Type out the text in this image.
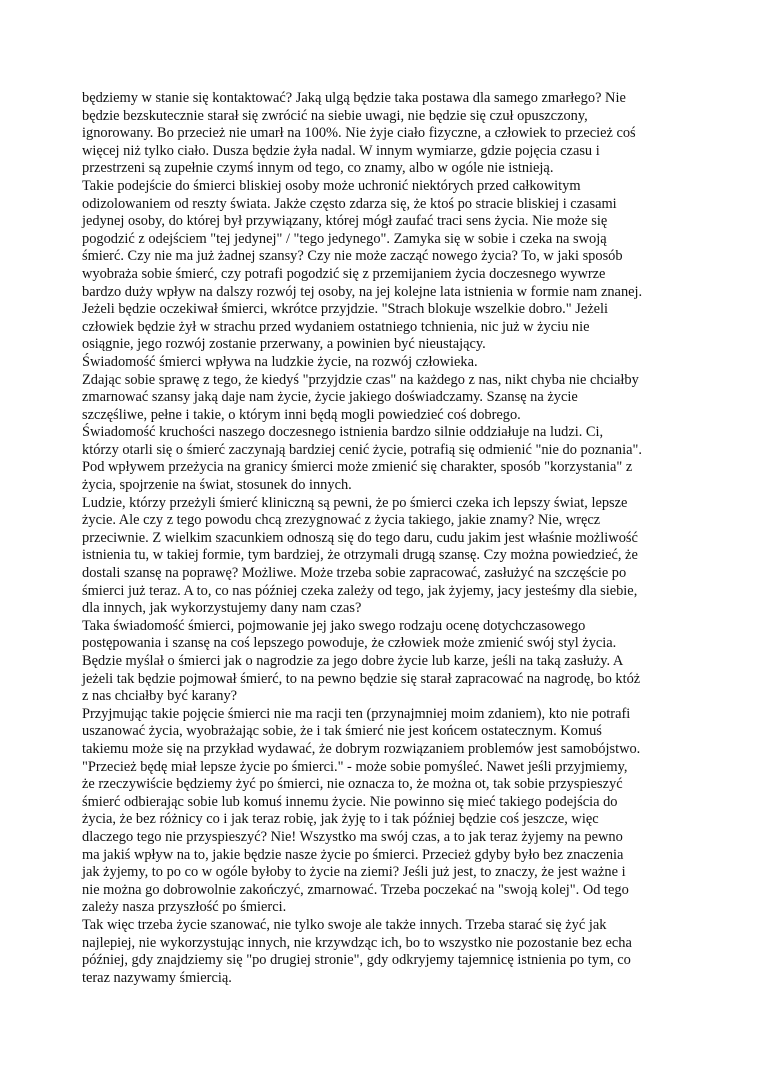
będziemy w stanie się kontaktować? Jaką ulgą będzie taka postawa dla samego zmarłego? Nie

będzie bezskutecznie starał się zwrócić na siebie uwagi, nie będzie się czuł opuszczony,

ignorowany. Bo przecież nie umarł na 100%. Nie żyje ciało fizyczne, a człowiek to przecież coś

więcej niż tylko ciało. Dusza będzie żyła nadal. W innym wymiarze, gdzie pojęcia czasu i

przestrzeni są zupełnie czymś innym od tego, co znamy, albo w ogóle nie istnieją.

Takie podejście do śmierci bliskiej osoby może uchronić niektórych przed całkowitym

odizolowaniem od reszty świata. Jakże często zdarza się, że ktoś po stracie bliskiej i czasami

jedynej osoby, do której był przywiązany, której mógł zaufać traci sens życia. Nie może się

pogodzić z odejściem "tej jedynej" / "tego jedynego". Zamyka się w sobie i czeka na swoją

śmierć. Czy nie ma już żadnej szansy? Czy nie może zacząć nowego życia? To, w jaki sposób

wyobraża sobie śmierć, czy potrafi pogodzić się z przemijaniem życia doczesnego wywrze

bardzo duży wpływ na dalszy rozwój tej osoby, na jej kolejne lata istnienia w formie nam znanej.

Jeżeli będzie oczekiwał śmierci, wkrótce przyjdzie. "Strach blokuje wszelkie dobro." Jeżeli

człowiek będzie żył w strachu przed wydaniem ostatniego tchnienia, nic już w życiu nie

osiągnie, jego rozwój zostanie przerwany, a powinien być nieustający.

Świadomość śmierci wpływa na ludzkie życie, na rozwój człowieka.

Zdając sobie sprawę z tego, że kiedyś "przyjdzie czas" na każdego z nas, nikt chyba nie chciałby

zmarnować szansy jaką daje nam życie, życie jakiego doświadczamy. Szansę na życie

szczęśliwe, pełne i takie, o którym inni będą mogli powiedzieć coś dobrego.

Świadomość kruchości naszego doczesnego istnienia bardzo silnie oddziałuje na ludzi. Ci,

którzy otarli się o śmierć zaczynają bardziej cenić życie, potrafią się odmienić "nie do poznania".

Pod wpływem przeżycia na granicy śmierci może zmienić się charakter, sposób "korzystania" z

życia, spojrzenie na świat, stosunek do innych.

Ludzie, którzy przeżyli śmierć kliniczną są pewni, że po śmierci czeka ich lepszy świat, lepsze

życie. Ale czy z tego powodu chcą zrezygnować z życia takiego, jakie znamy? Nie, wręcz

przeciwnie. Z wielkim szacunkiem odnoszą się do tego daru, cudu jakim jest właśnie możliwość

istnienia tu, w takiej formie, tym bardziej, że otrzymali drugą szansę. Czy można powiedzieć, że

dostali szansę na poprawę? Możliwe. Może trzeba sobie zapracować, zasłużyć na szczęście po

śmierci już teraz. A to, co nas później czeka zależy od tego, jak żyjemy, jacy jesteśmy dla siebie,

dla innych, jak wykorzystujemy dany nam czas?

Taka świadomość śmierci, pojmowanie jej jako swego rodzaju ocenę dotychczasowego

postępowania i szansę na coś lepszego powoduje, że człowiek może zmienić swój styl życia.

Będzie myślał o śmierci jak o nagrodzie za jego dobre życie lub karze, jeśli na taką zasłuży. A

jeżeli tak będzie pojmował śmierć, to na pewno będzie się starał zapracować na nagrodę, bo któż

z nas chciałby być karany?

Przyjmując takie pojęcie śmierci nie ma racji ten (przynajmniej moim zdaniem), kto nie potrafi

uszanować życia, wyobrażając sobie, że i tak śmierć nie jest końcem ostatecznym. Komuś

takiemu może się na przykład wydawać, że dobrym rozwiązaniem problemów jest samobójstwo.

"Przecież będę miał lepsze życie po śmierci." - może sobie pomyśleć. Nawet jeśli przyjmiemy,

że rzeczywiście będziemy żyć po śmierci, nie oznacza to, że można ot, tak sobie przyspieszyć

śmierć odbierając sobie lub komuś innemu życie. Nie powinno się mieć takiego podejścia do

życia, że bez różnicy co i jak teraz robię, jak żyję to i tak później będzie coś jeszcze, więc

dlaczego tego nie przyspieszyć? Nie! Wszystko ma swój czas, a to jak teraz żyjemy na pewno

ma jakiś wpływ na to, jakie będzie nasze życie po śmierci. Przecież gdyby było bez znaczenia

jak żyjemy, to po co w ogóle byłoby to życie na ziemi? Jeśli już jest, to znaczy, że jest ważne i

nie można go dobrowolnie zakończyć, zmarnować. Trzeba poczekać na "swoją kolej". Od tego

zależy nasza przyszłość po śmierci.

Tak więc trzeba życie szanować, nie tylko swoje ale także innych. Trzeba starać się żyć jak

najlepiej, nie wykorzystując innych, nie krzywdząc ich, bo to wszystko nie pozostanie bez echa

później, gdy znajdziemy się "po drugiej stronie", gdy odkryjemy tajemnicę istnienia po tym, co

teraz nazywamy śmiercią.
